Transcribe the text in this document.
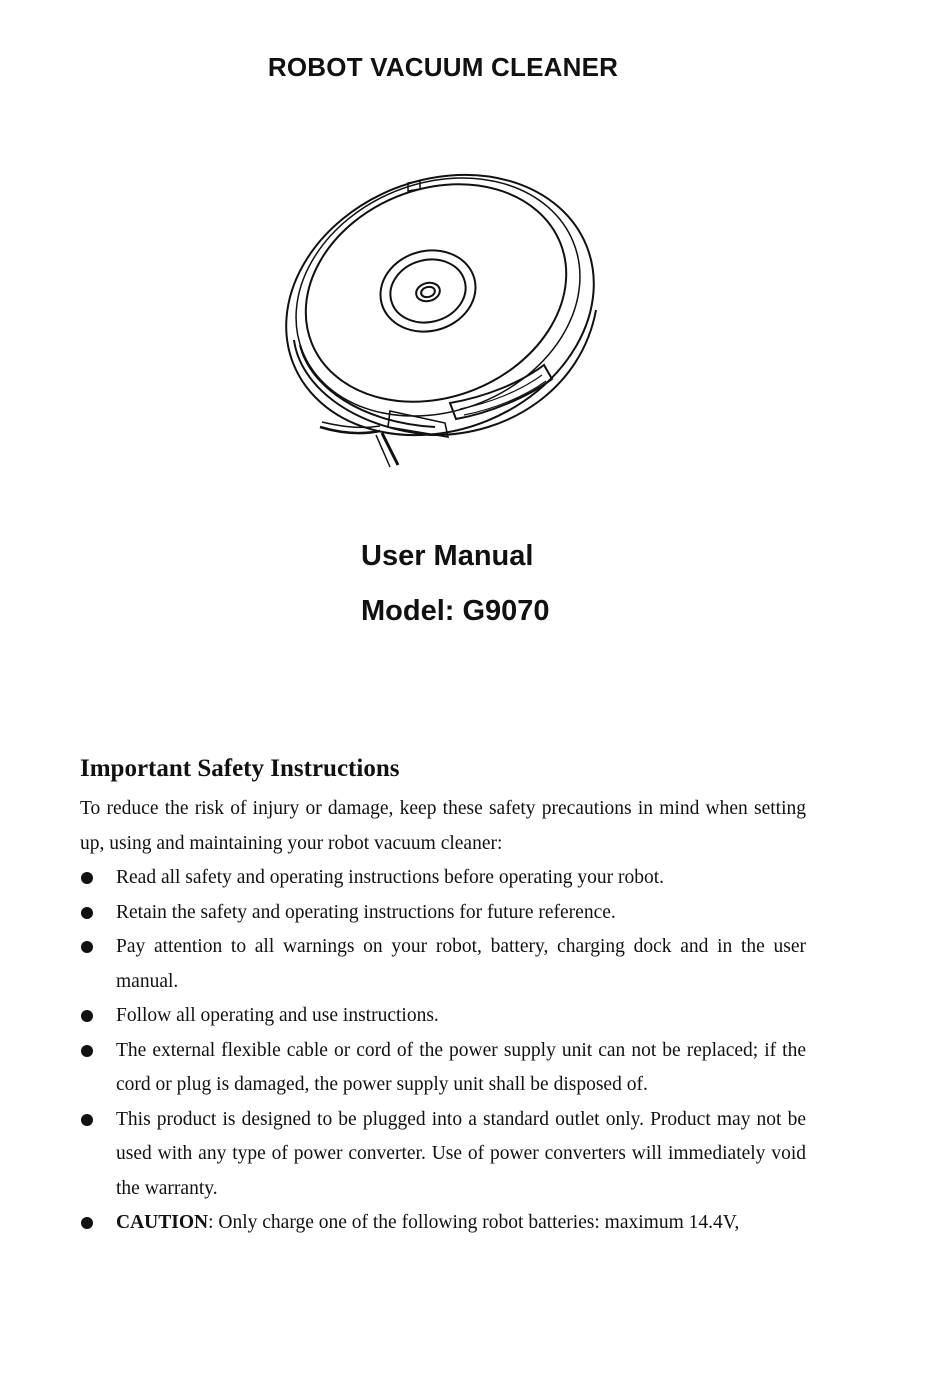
ROBOT VACUUM CLEANER
User Manual
Model: G9070
Important Safety Instructions

To reduce the risk of injury or damage, keep these safety precautions in mind when setting up, using and maintaining your robot vacuum cleaner:

Read all safety and operating instructions before operating your robot.
Retain the safety and operating instructions for future reference.
Pay attention to all warnings on your robot, battery, charging dock and in the user manual.
Follow all operating and use instructions.
The external flexible cable or cord of the power supply unit can not be replaced; if the cord or plug is damaged, the power supply unit shall be disposed of.
This product is designed to be plugged into a standard outlet only. Product may not be used with any type of power converter. Use of power converters will immediately void the warranty.
CAUTION: Only charge one of the following robot batteries: maximum 14.4V,
